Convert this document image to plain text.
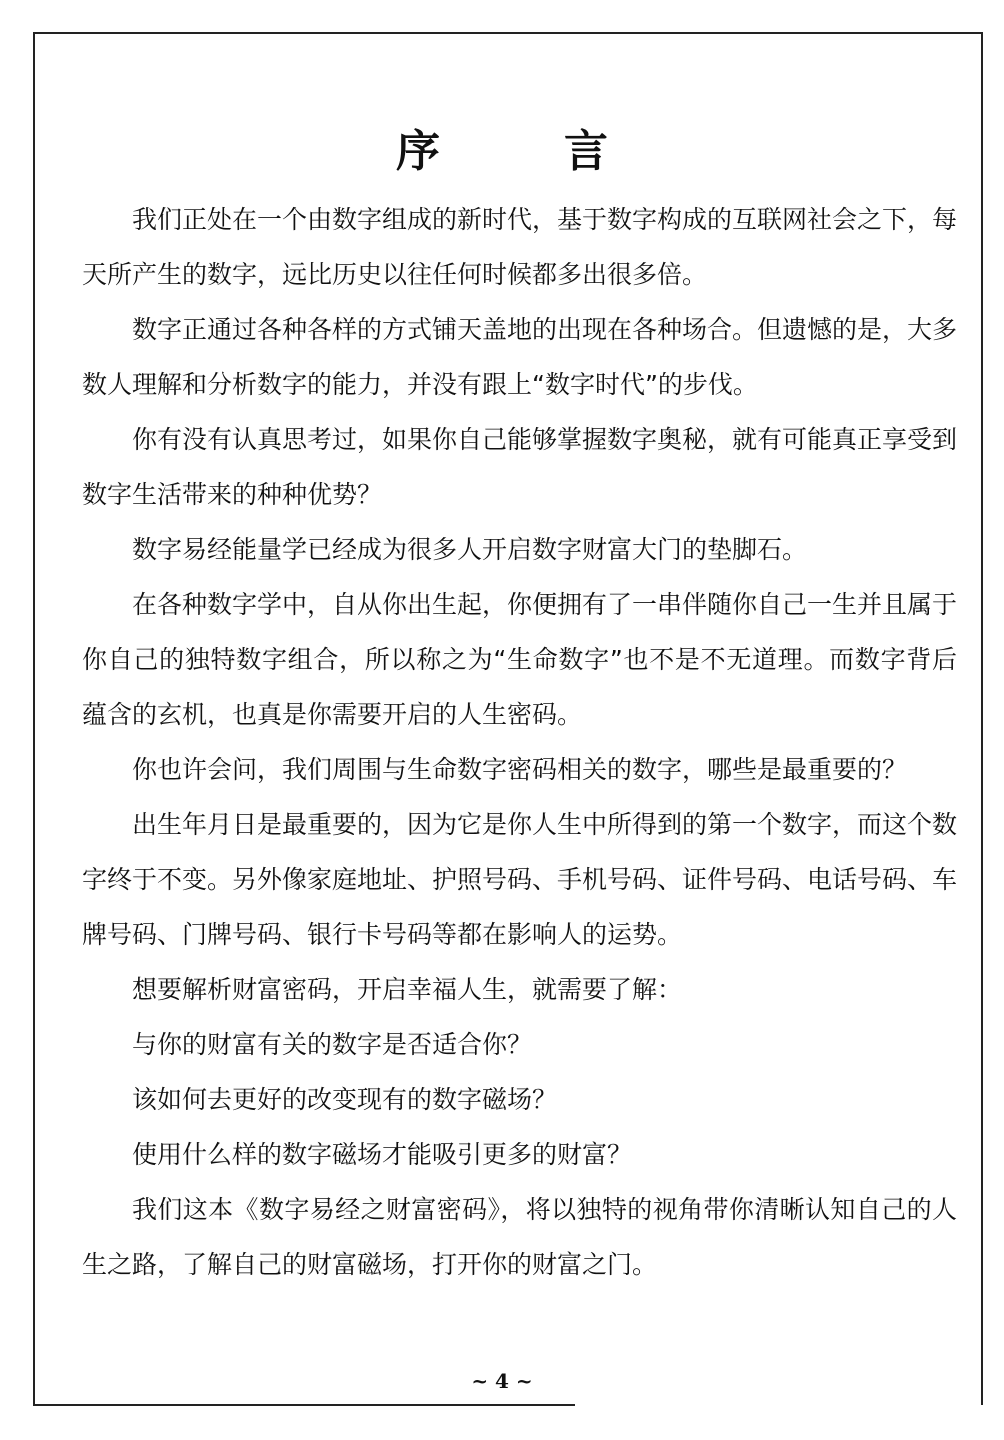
序　言

我们正处在一个由数字组成的新时代，基于数字构成的互联网社会之下，每天所产生的数字，远比历史以往任何时候都多出很多倍。

数字正通过各种各样的方式铺天盖地的出现在各种场合。但遗憾的是，大多数人理解和分析数字的能力，并没有跟上“数字时代”的步伐。

你有没有认真思考过，如果你自己能够掌握数字奥秘，就有可能真正享受到数字生活带来的种种优势？

数字易经能量学已经成为很多人开启数字财富大门的垫脚石。

在各种数字学中，自从你出生起，你便拥有了一串伴随你自己一生并且属于你自己的独特数字组合，所以称之为“生命数字”也不是不无道理。而数字背后蕴含的玄机，也真是你需要开启的人生密码。

你也许会问，我们周围与生命数字密码相关的数字，哪些是最重要的？

出生年月日是最重要的，因为它是你人生中所得到的第一个数字，而这个数字终于不变。另外像家庭地址、护照号码、手机号码、证件号码、电话号码、车牌号码、门牌号码、银行卡号码等都在影响人的运势。

想要解析财富密码，开启幸福人生，就需要了解：

与你的财富有关的数字是否适合你？

该如何去更好的改变现有的数字磁场？

使用什么样的数字磁场才能吸引更多的财富？

我们这本《数字易经之财富密码》，将以独特的视角带你清晰认知自己的人生之路，了解自己的财富磁场，打开你的财富之门。

~ 4 ~
